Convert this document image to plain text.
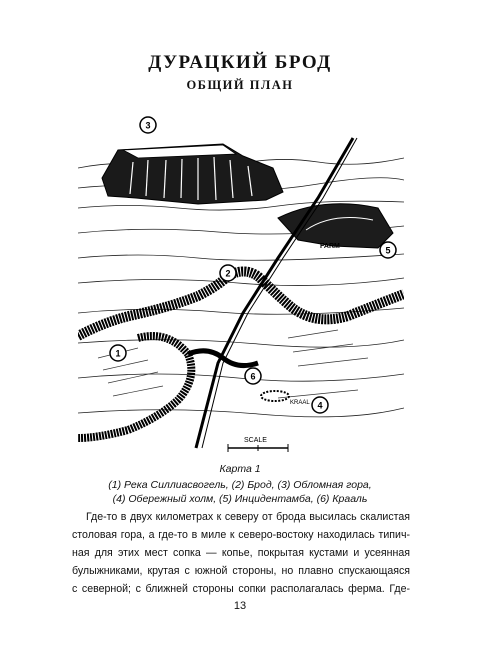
ДУРАЦКИЙ БРОД
ОБЩИЙ ПЛАН
FARM
KRAAL
SCALE
3
5
2
1
6
4
Карта 1
(1) Река Силлиасвогель, (2) Брод, (3) Обломная гора,
(4) Обережный холм, (5) Инцидентамба, (6) Крааль
Где-то в двух километрах к северу от брода высилась скалистая
столовая гора, а где-то в миле к северо-востоку находилась типич-
ная для этих мест сопка — копье, покрытая кустами и усеянная
булыжниками, крутая с южной стороны, но плавно спускающаяся
с северной; с ближней стороны сопки располагалась ферма. Где-
13
